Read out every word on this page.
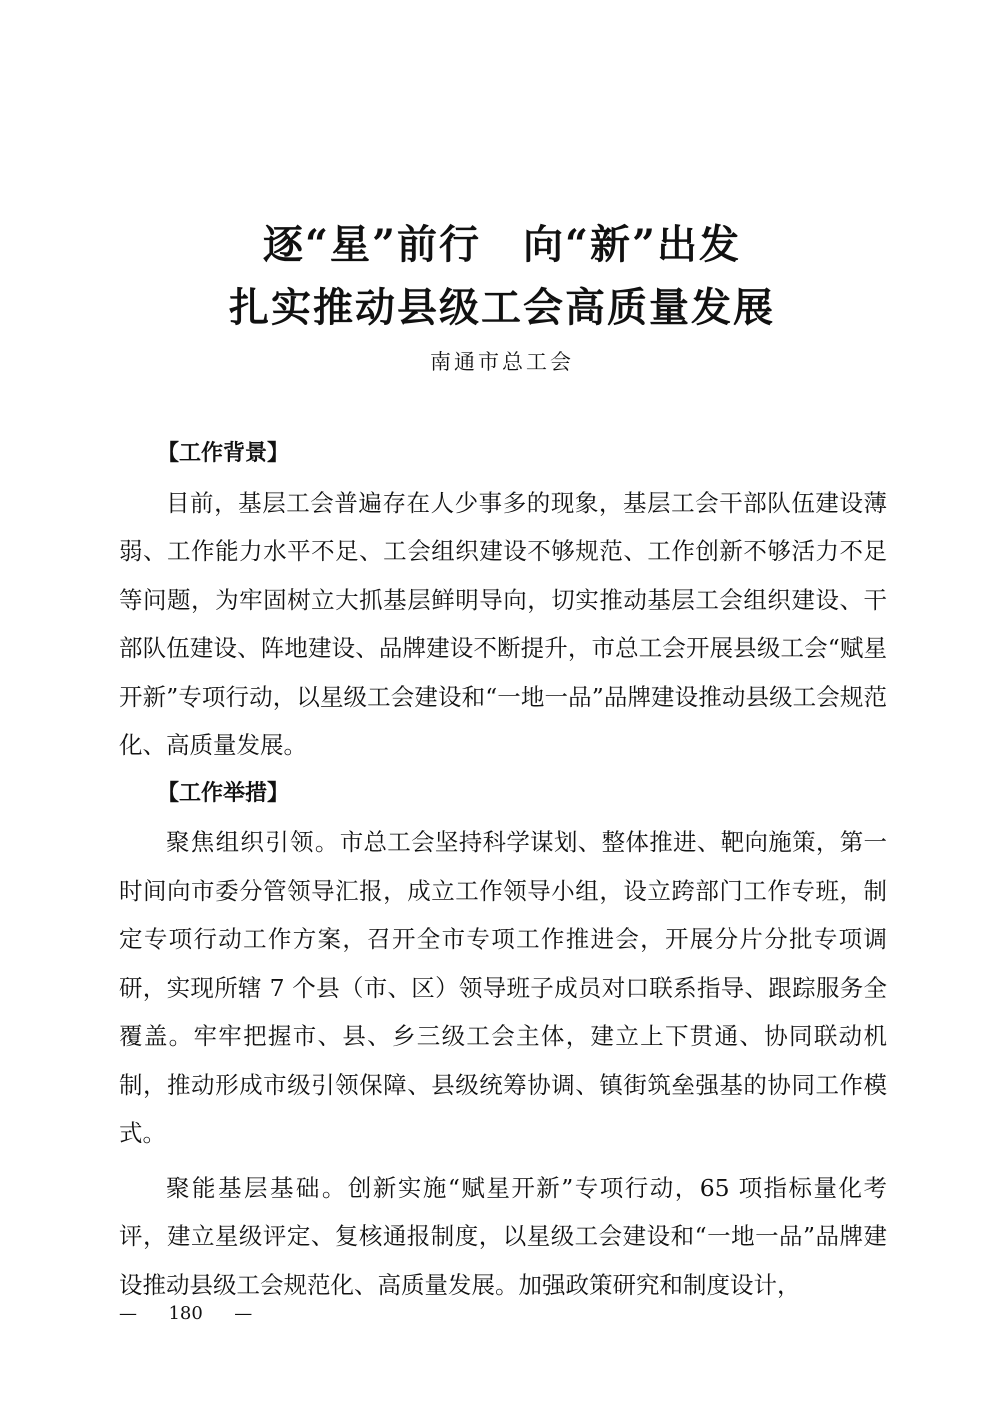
逐“星”前行　向“新”出发
扎实推动县级工会高质量发展
南通市总工会

【工作背景】

目前，基层工会普遍存在人少事多的现象，基层工会干部队伍建设薄弱、工作能力水平不足、工会组织建设不够规范、工作创新不够活力不足等问题，为牢固树立大抓基层鲜明导向，切实推动基层工会组织建设、干部队伍建设、阵地建设、品牌建设不断提升，市总工会开展县级工会“赋星开新”专项行动，以星级工会建设和“一地一品”品牌建设推动县级工会规范化、高质量发展。

【工作举措】

聚焦组织引领。市总工会坚持科学谋划、整体推进、靶向施策，第一时间向市委分管领导汇报，成立工作领导小组，设立跨部门工作专班，制定专项行动工作方案，召开全市专项工作推进会，开展分片分批专项调研，实现所辖 7 个县（市、区）领导班子成员对口联系指导、跟踪服务全覆盖。牢牢把握市、县、乡三级工会主体，建立上下贯通、协同联动机制，推动形成市级引领保障、县级统筹协调、镇街筑垒强基的协同工作模式。

聚能基层基础。创新实施“赋星开新”专项行动，65 项指标量化考评，建立星级评定、复核通报制度，以星级工会建设和“一地一品”品牌建设推动县级工会规范化、高质量发展。加强政策研究和制度设计，

— 180 —
